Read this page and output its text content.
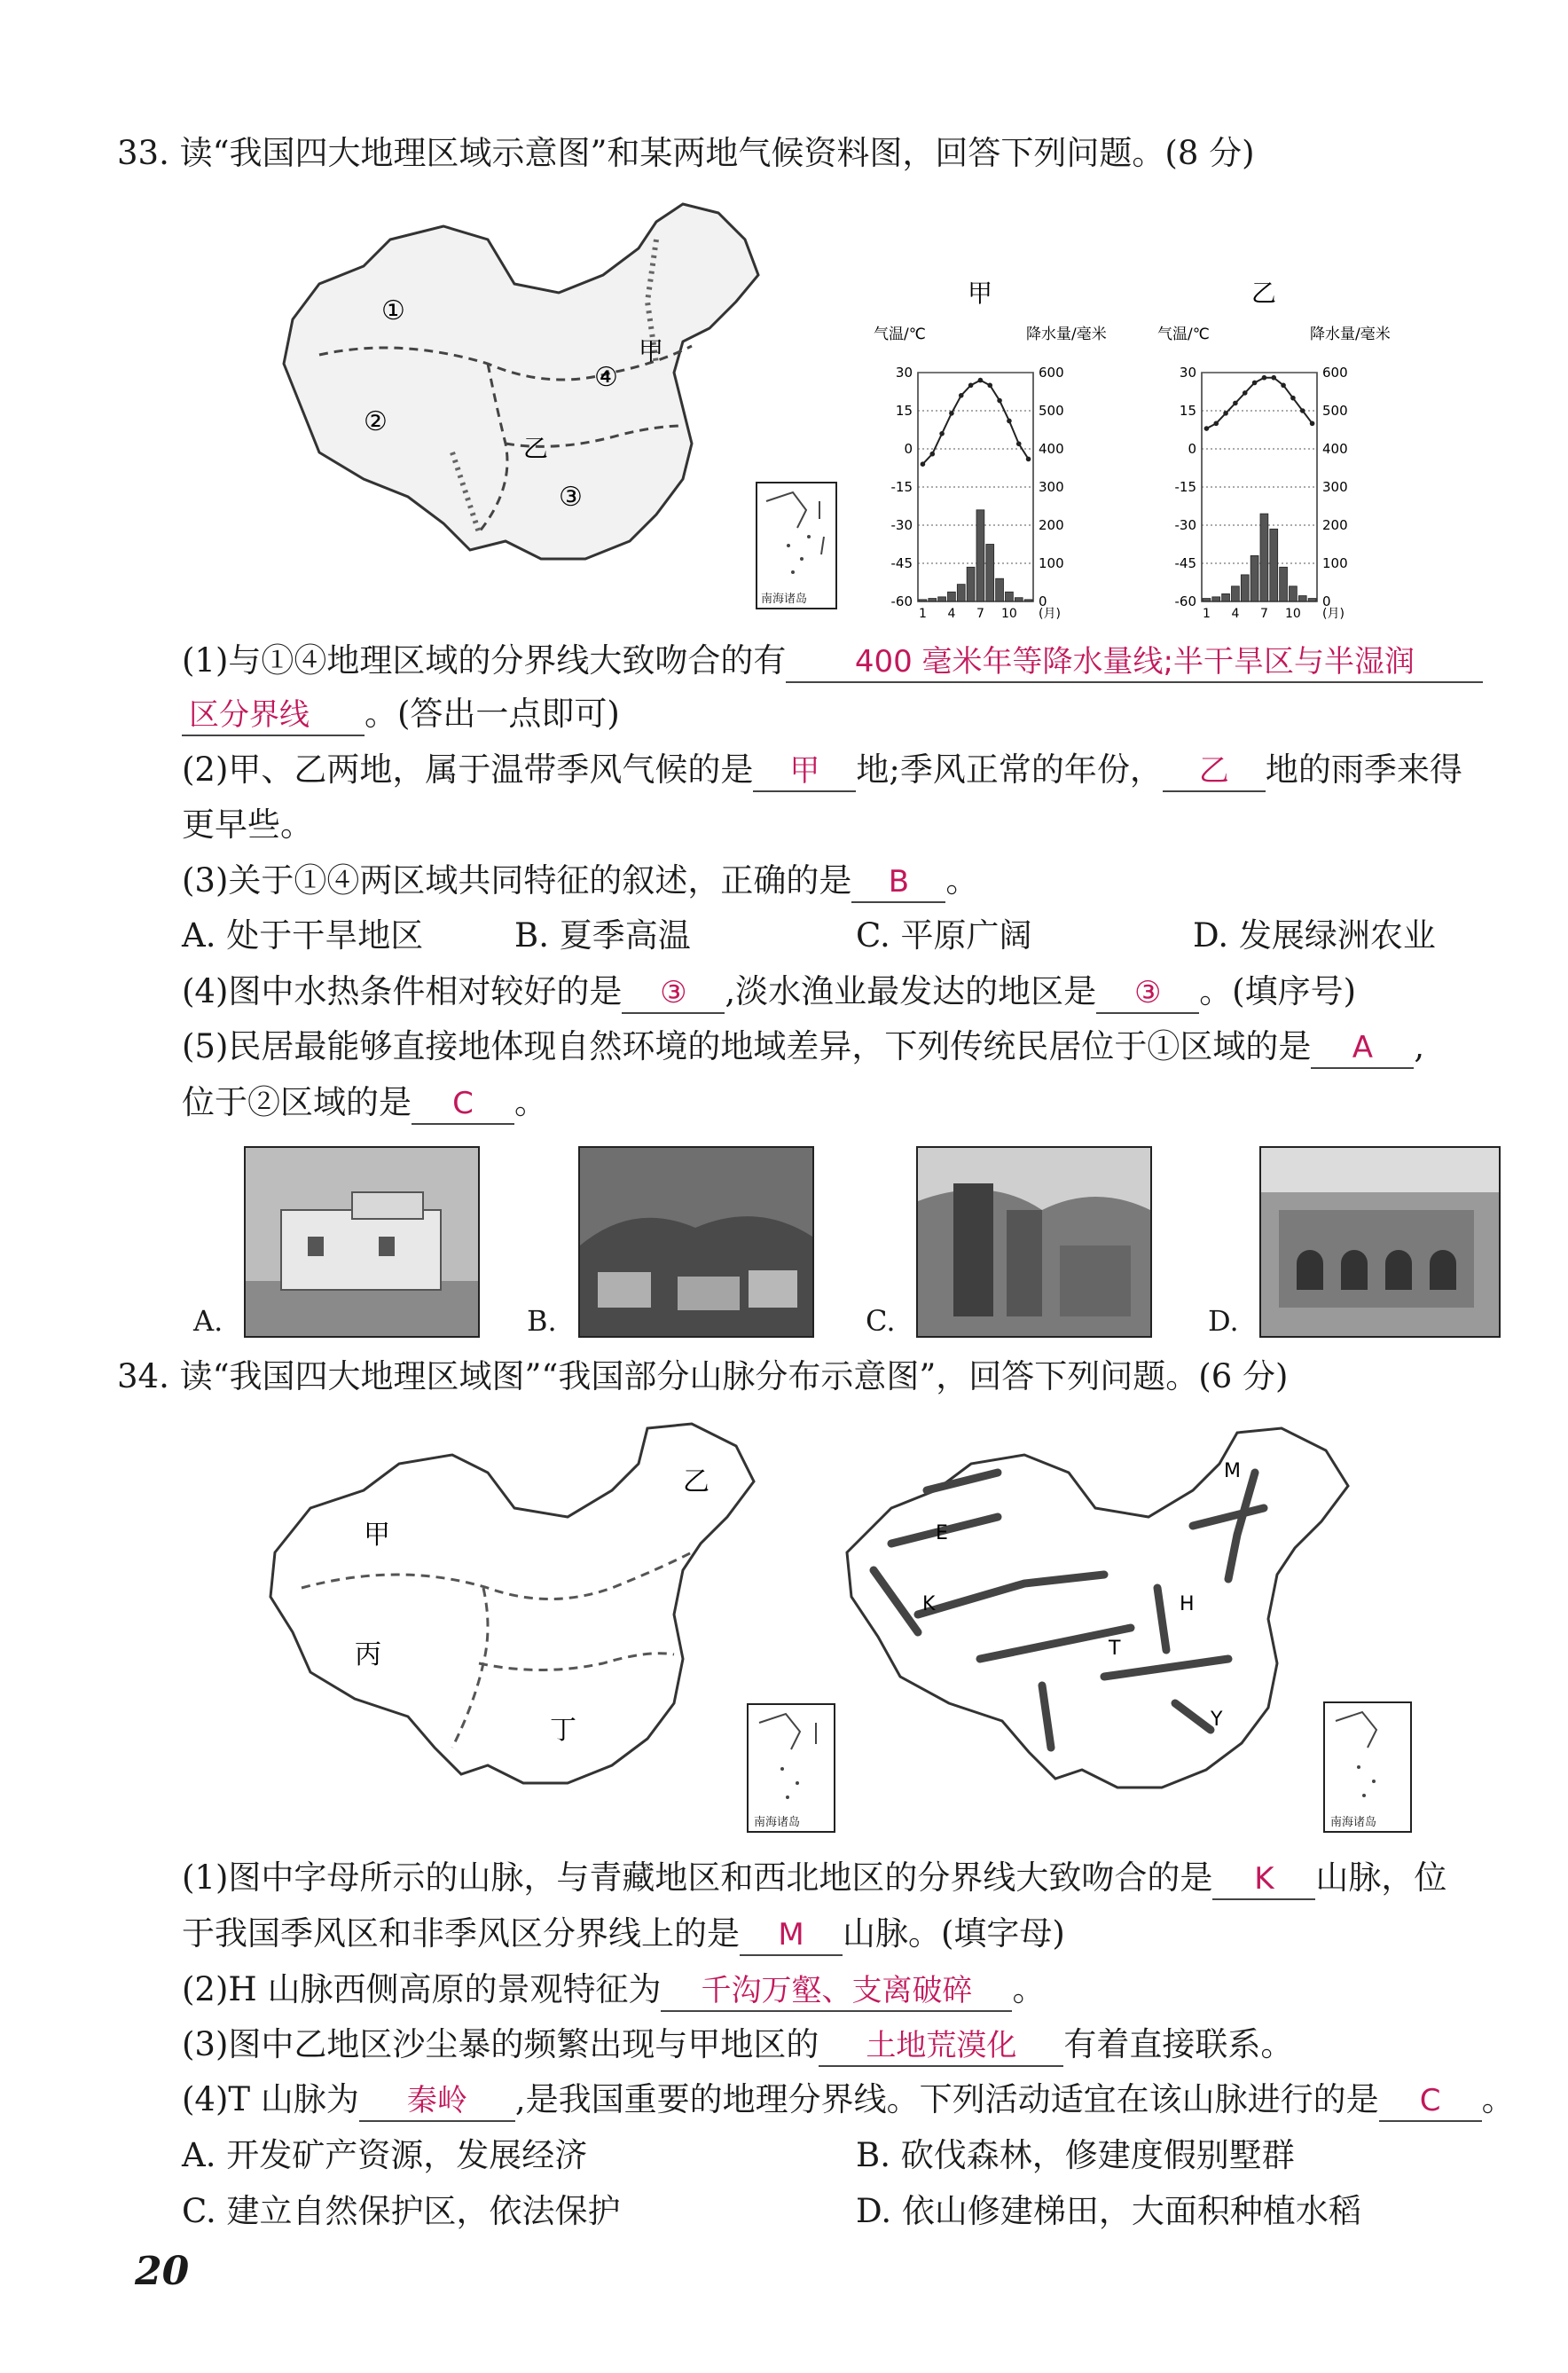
33. 读“我国四大地理区域示意图”和某两地气候资料图，回答下列问题。(8 分)
①
②
③
④
甲
乙
南海诸岛
甲
气温/℃	降水量/毫米
30	600
15	500
0	400
-15	300
-30	200
-45	100
-60	0
1 4 7 10 (月)
乙
气温/℃	降水量/毫米
30	600
15	500
0	400
-15	300
-30	200
-45	100
-60	0
1 4 7 10 (月)
(1)与①④地理区域的分界线大致吻合的有 400 毫米年等降水量线;半干旱区与半湿润
区分界线 。(答出一点即可)
(2)甲、乙两地，属于温带季风气候的是 甲 地;季风正常的年份， 乙 地的雨季来得
更早些。
(3)关于①④两区域共同特征的叙述，正确的是 B 。
A. 处于干旱地区	B. 夏季高温	C. 平原广阔	D. 发展绿洲农业
(4)图中水热条件相对较好的是 ③ ,淡水渔业最发达的地区是 ③ 。(填序号)
(5)民居最能够直接地体现自然环境的地域差异，下列传统民居位于①区域的是 A ,
位于②区域的是 C 。
A.	B.	C.	D.
34. 读“我国四大地理区域图”“我国部分山脉分布示意图”，回答下列问题。(6 分)
甲
乙
丙
丁
南海诸岛
M
E
K	H
T
Y
南海诸岛
(1)图中字母所示的山脉，与青藏地区和西北地区的分界线大致吻合的是 K 山脉，位
于我国季风区和非季风区分界线上的是 M 山脉。(填字母)
(2)H 山脉西侧高原的景观特征为 千沟万壑、支离破碎 。
(3)图中乙地区沙尘暴的频繁出现与甲地区的 土地荒漠化 有着直接联系。
(4)T 山脉为 秦岭 ,是我国重要的地理分界线。下列活动适宜在该山脉进行的是 C 。
A. 开发矿产资源，发展经济	B. 砍伐森林，修建度假别墅群
C. 建立自然保护区，依法保护	D. 依山修建梯田，大面积种植水稻
20
